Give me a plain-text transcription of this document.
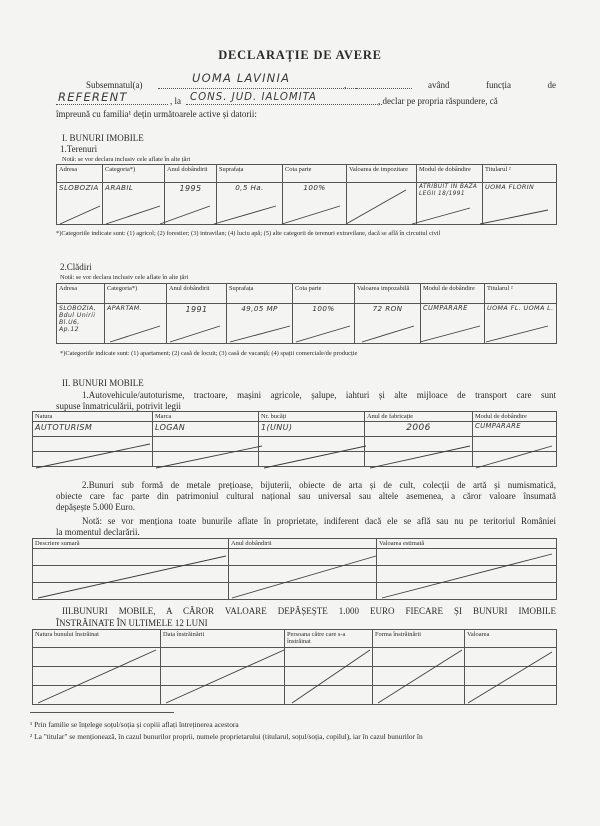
DECLARAȚIE DE AVERE
Subsemnatul(a)	UOMA LAVINIA	,	având funcția de
REFERENT	, la CONS. JUD. IALOMITA	, declar pe propria răspundere, că
împreună cu familia¹ dețin următoarele active și datorii:
I. BUNURI IMOBILE
1.Terenuri
Notă: se vor declara inclusiv cele aflate în alte țări
Adresa	Categoria*)	Anul dobândirii	Suprafața	Cota parte	Valoarea de impozitare	Modul de dobândire	Titularul ²
SLOBOZIA	ARABIL	1995	0,5 Ha.	100%		ATRIBUIT IN BAZA LEGII 18/1991	UOMA FLORIN
*)Categoriile indicate sunt: (1) agricol; (2) forestier; (3) intravilan; (4) luciu apă; (5) alte categorii de terenuri extravilane, dacă se află în circuitul civil
2.Clădiri
Notă: se vor declara inclusiv cele aflate în alte țări
Adresa	Categoria*)	Anul dobândirii	Suprafața	Cota parte	Valoarea impozabilă	Modul de dobândire	Titularul ²
SLOBOZIA, Bdul Unirii Bl.U6, Ap.12	APARTAM.	1991	49,05 MP	100%	72 RON	CUMPARARE	UOMA FL. UOMA L.
*)Categoriile indicate sunt: (1) apartament; (2) casă de locuit; (3) casă de vacanță; (4) spații comerciale/de producție
II. BUNURI MOBILE
1.Autovehicule/autoturisme, tractoare, mașini agricole, șalupe, iahturi și alte mijloace de transport care sunt
supuse înmatriculării, potrivit legii
Natura	Marca	Nr. bucăți	Anul de fabricație	Modul de dobândire
AUTOTURISM	LOGAN	1(UNU)	2006	CUMPARARE

2.Bunuri sub formă de metale prețioase, bijuterii, obiecte de arta și de cult, colecții de artă și numismatică,
obiecte care fac parte din patrimoniul cultural național sau universal sau altele asemenea, a căror valoare însumată
depășește 5.000 Euro.
Notă: se vor menționa toate bunurile aflate în proprietate, indiferent dacă ele se află sau nu pe teritoriul României
la momentul declarării.
Descriere sumară	Anul dobândirii	Valoarea estimată

III.BUNURI MOBILE, A CĂROR VALOARE DEPĂȘEȘTE 1.000 EURO FIECARE ȘI BUNURI IMOBILE
ÎNSTRĂINATE ÎN ULTIMELE 12 LUNI
Natura bunului înstrăinat	Data înstrăinării	Persoana către care s-a înstrăinat	Forma înstrăinării	Valoarea

¹ Prin familie se înțelege soțul/soția și copiii aflați întreținerea acestora
² La "titular" se menționează, în cazul bunurilor proprii, numele proprietarului (titularul, soțul/soția, copilul), iar în cazul bunurilor în
